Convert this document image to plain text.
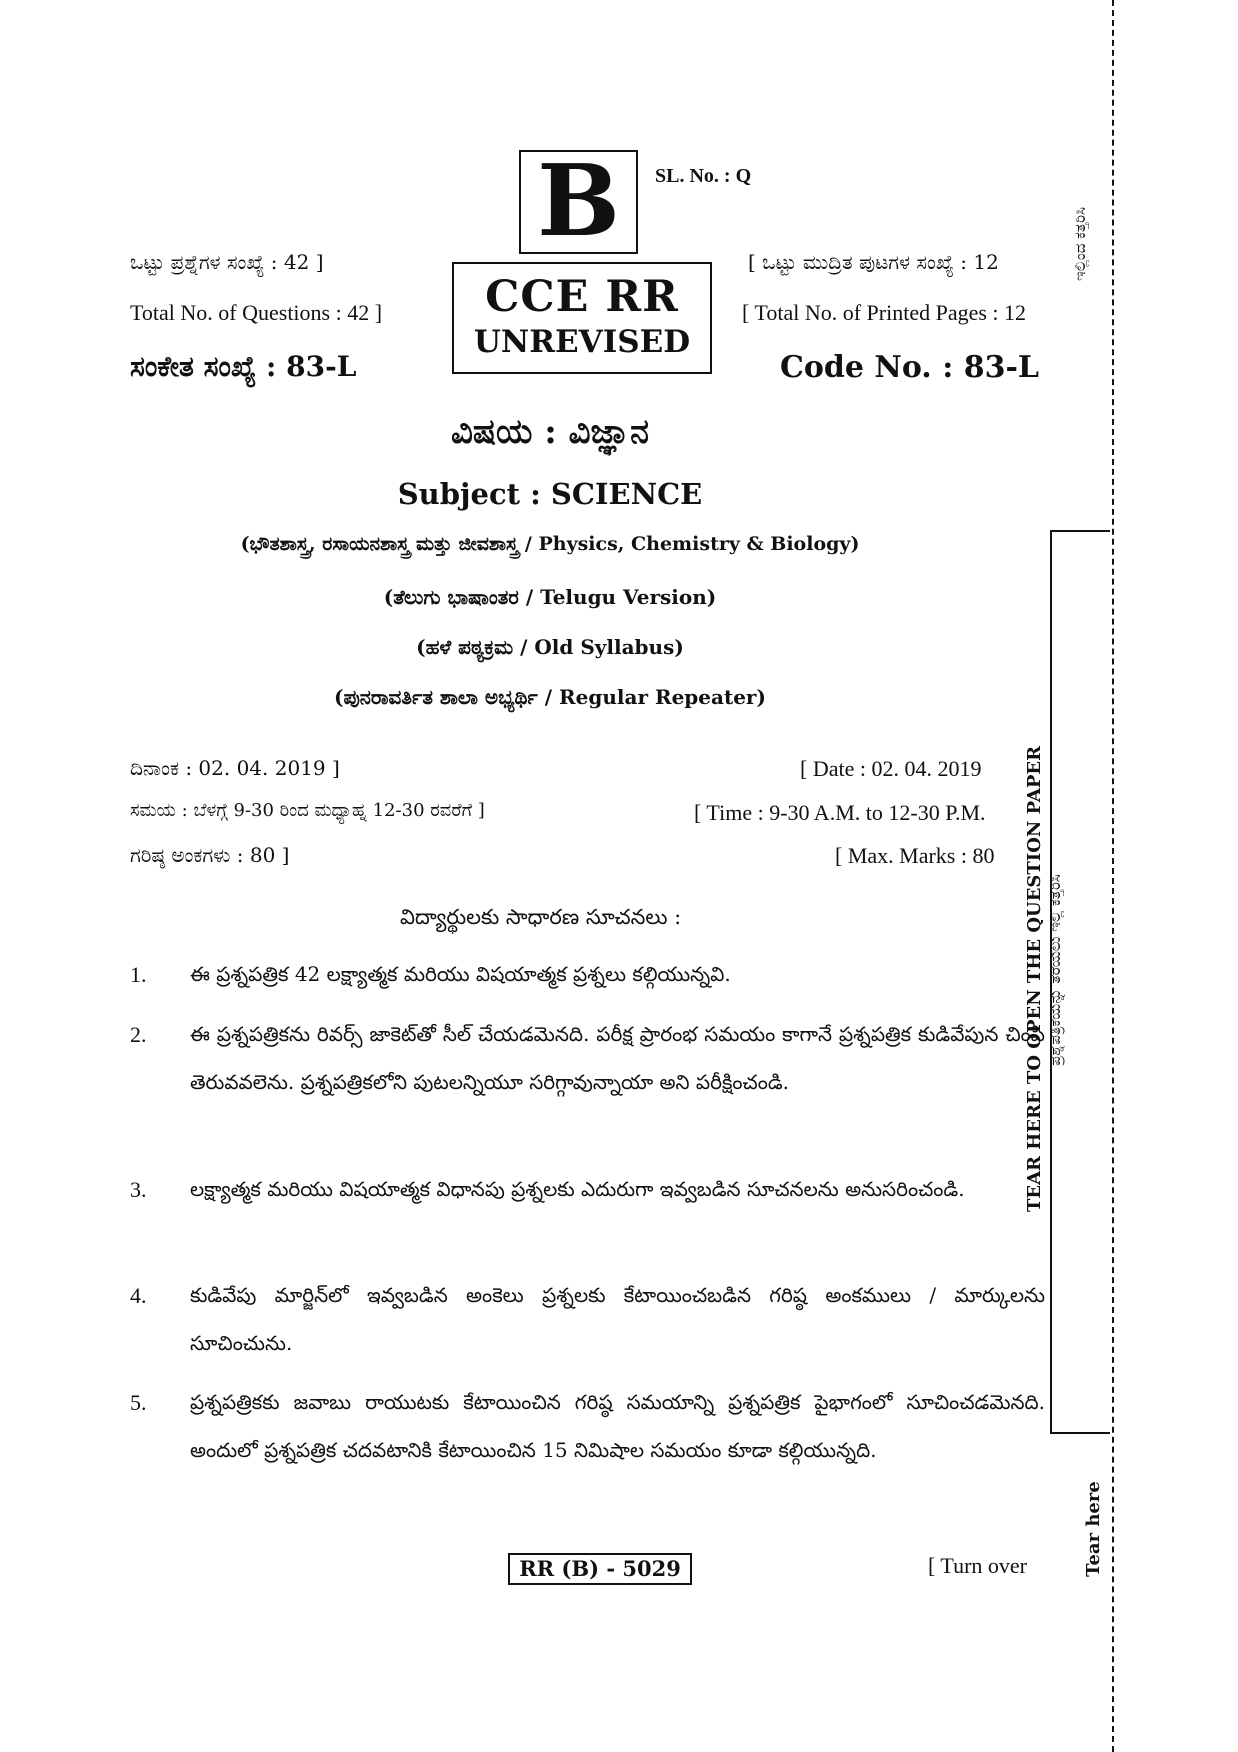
B SL. No. : Q
CCE RR
UNREVISED
ಒಟ್ಟು ಪ್ರಶ್ನೆಗಳ ಸಂಖ್ಯೆ : 42 ]
Total No. of Questions : 42 ]
ಸಂಕೇತ ಸಂಖ್ಯೆ : 83-L
[ ಒಟ್ಟು ಮುದ್ರಿತ ಪುಟಗಳ ಸಂಖ್ಯೆ : 12
[ Total No. of Printed Pages : 12
Code No. : 83-L
ವಿಷಯ : ವಿಜ್ಞಾನ
Subject : SCIENCE
(ಭೌತಶಾಸ್ತ್ರ, ರಸಾಯನಶಾಸ್ತ್ರ ಮತ್ತು ಜೀವಶಾಸ್ತ್ರ / Physics, Chemistry & Biology)
(ತೆಲುಗು ಭಾಷಾಂತರ / Telugu Version)
(ಹಳೆ ಪಠ್ಯಕ್ರಮ / Old Syllabus)
(ಪುನರಾವರ್ತಿತ ಶಾಲಾ ಅಭ್ಯರ್ಥಿ / Regular Repeater)
ದಿನಾಂಕ : 02. 04. 2019 ]	[ Date : 02. 04. 2019
ಸಮಯ : ಬೆಳಗ್ಗೆ 9-30 ರಿಂದ ಮಧ್ಯಾಹ್ನ 12-30 ರವರೆಗೆ ]	[ Time : 9-30 A.M. to 12-30 P.M.
ಗರಿಷ್ಠ ಅಂಕಗಳು : 80 ]	[ Max. Marks : 80
విద్యార్థులకు సాధారణ సూచనలు :
1. ఈ ప్రశ్నపత్రిక 42 లక్ష్యాత్మక మరియు విషయాత్మక ప్రశ్నలు కల్గియున్నవి.
2. ఈ ప్రశ్నపత్రికను రివర్స్ జాకెట్‌తో సీల్ చేయడమెనది. పరీక్ష ప్రారంభ సమయం కాగానే ప్రశ్నపత్రిక కుడివేపున చింపి తెరువవలెను. ప్రశ్నపత్రికలోని పుటలన్నియూ సరిగ్గావున్నాయా అని పరీక్షించండి.
3. లక్ష్యాత్మక మరియు విషయాత్మక విధానపు ప్రశ్నలకు ఎదురుగా ఇవ్వబడిన సూచనలను అనుసరించండి.
4. కుడివేపు మార్జిన్‌లో ఇవ్వబడిన అంకెలు ప్రశ్నలకు కేటాయించబడిన గరిష్ఠ అంకములు / మార్కులను సూచించును.
5. ప్రశ్నపత్రికకు జవాబు రాయుటకు కేటాయించిన గరిష్ఠ సమయాన్ని ప్రశ్నపత్రిక పైభాగంలో సూచించడమెనది. అందులో ప్రశ్నపత్రిక చదవటానికి కేటాయించిన 15 నిమిషాల సమయం కూడా కల్గియున్నది.
RR (B) - 5029	[ Turn over
ಇಲ್ಲಿಂದ ಕತ್ತರಿಸಿ
TEAR HERE TO OPEN THE QUESTION PAPER ಪ್ರಶ್ನೆಪತ್ರಿಕೆಯನ್ನು ತೆರೆಯಲು ಇಲ್ಲಿ ಕತ್ತರಿಸಿ
Tear here
